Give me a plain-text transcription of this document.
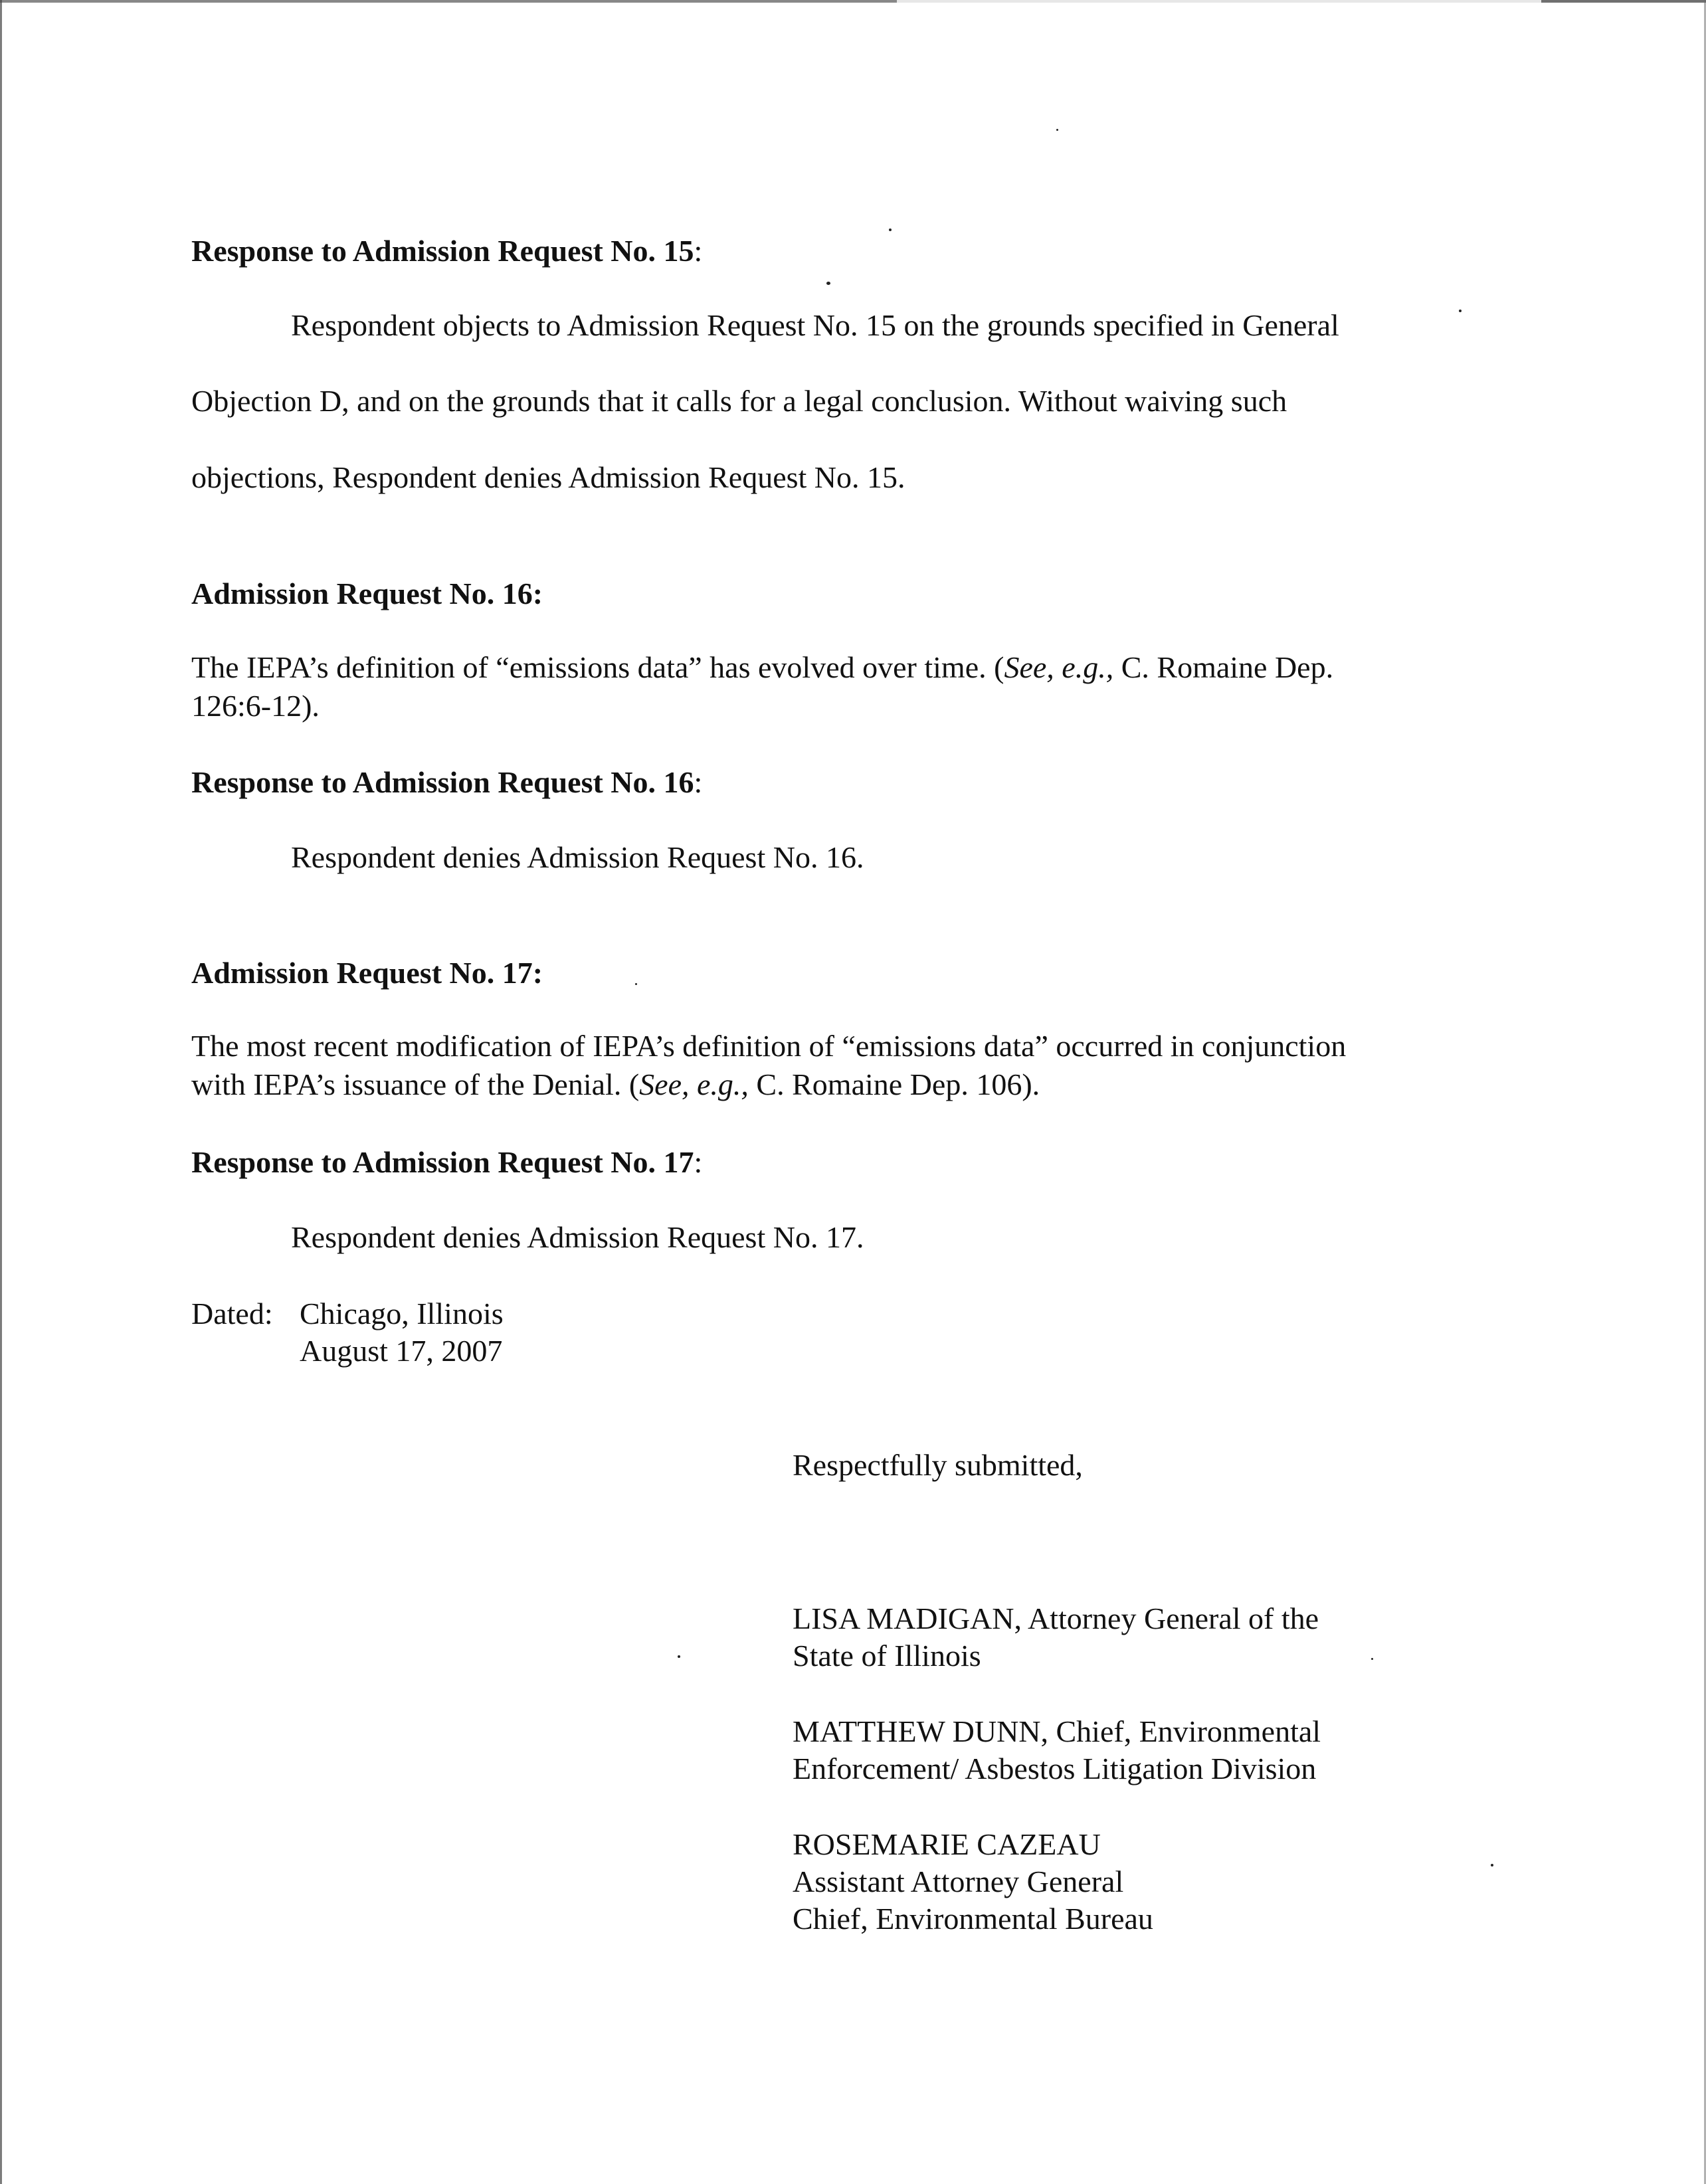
Response to Admission Request No. 15:
Respondent objects to Admission Request No. 15 on the grounds specified in General
Objection D, and on the grounds that it calls for a legal conclusion. Without waiving such
objections, Respondent denies Admission Request No. 15.
Admission Request No. 16:
The IEPA’s definition of “emissions data” has evolved over time. (See, e.g., C. Romaine Dep.
126:6-12).
Response to Admission Request No. 16:
Respondent denies Admission Request No. 16.
Admission Request No. 17:
The most recent modification of IEPA’s definition of “emissions data” occurred in conjunction
with IEPA’s issuance of the Denial. (See, e.g., C. Romaine Dep. 106).
Response to Admission Request No. 17:
Respondent denies Admission Request No. 17.
Dated: Chicago, Illinois
August 17, 2007
Respectfully submitted,
LISA MADIGAN, Attorney General of the
State of Illinois
MATTHEW DUNN, Chief, Environmental
Enforcement/ Asbestos Litigation Division
ROSEMARIE CAZEAU
Assistant Attorney General
Chief, Environmental Bureau
